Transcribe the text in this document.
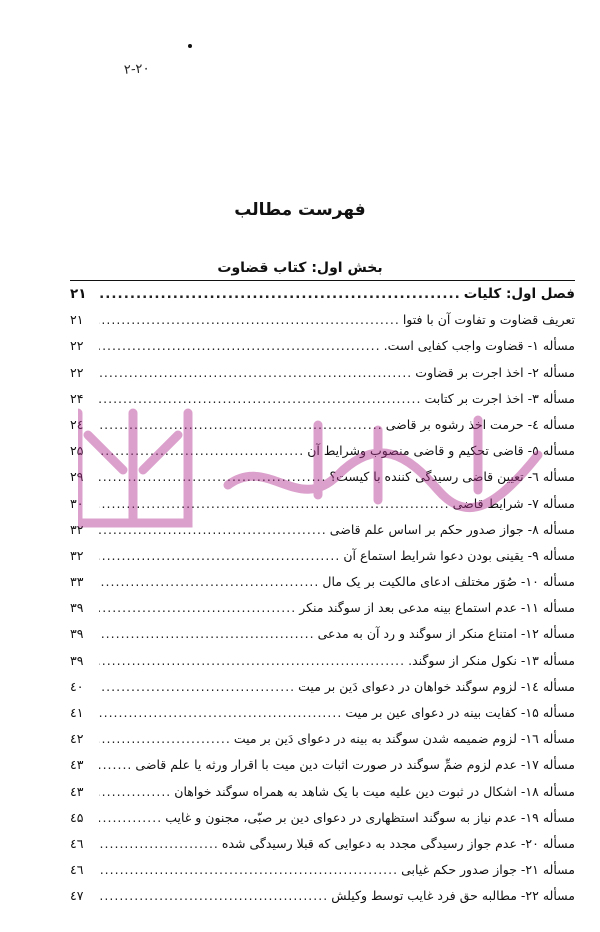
۲-۲۰
فهرست مطالب
بخش اول: کتاب قضاوت
فصل اول: کلیات
.....
۲۱
تعریف قضاوت و تفاوت آن با فتوا
.....
۲۱
مسأله ۱- قضاوت واجب کفایی است.
.....
۲۲
مسأله ۲- اخذ اجرت بر قضاوت
.....
۲۲
مسأله ۳- اخذ اجرت بر کتابت
.....
۲۴
مسأله ٤- حرمت اخذ رشوه بر قاضی
.....
۲٤
مسأله ٥- قاضی تحکیم و قاضی منصوب وشرایط آن
.....
۲۵
مسأله ٦- تعیین قاضی رسیدگی کننده با کیست؟
.....
۲۹
مسأله ۷- شرایط قاضی
.....
۳۰
مسأله ۸- جواز صدور حکم بر اساس علم قاضی
.....
۳۲
مسأله ۹- یقینی بودن دعوا شرایط استماع آن
.....
۳۲
مسأله ۱۰- صُوَر مختلف ادعای مالکیت بر یک مال
.....
۳۳
مسأله ۱۱- عدم استماع بینه مدعی بعد از سوگند منکر
.....
۳۹
مسأله ۱۲- امتناع منکر از سوگند و رد آن به مدعی
.....
۳۹
مسأله ۱۳- نکول منکر از سوگند.
.....
۳۹
مسأله ۱٤- لزوم سوگند خواهان در دعوای دَین بر میت
.....
٤۰
مسأله ۱۵- کفایت بینه در دعوای عین بر میت
.....
٤۱
مسأله ۱٦- لزوم ضمیمه شدن سوگند به بینه در دعوای دَین بر میت
.....
٤۲
مسأله ۱۷- عدم لزوم ضمِّ سوگند در صورت اثبات دین میت با اقرار ورثه یا علم قاضی
.....
٤۳
مسأله ۱۸- اشکال در ثبوت دین علیه میت با یک شاهد به همراه سوگند خواهان
.....
٤۳
مسأله ۱۹- عدم نیاز به سوگند استظهاری در دعوای دین بر صبّی، مجنون و غایب
.....
٤۵
مسأله ۲۰- عدم جواز رسیدگی مجدد به دعوایی که قبلا رسیدگی شده
.....
٤٦
مسأله ۲۱- جواز صدور حکم غیابی
.....
٤٦
مسأله ۲۲- مطالبه حق فرد غایب توسط وکیلش
.....
٤۷
